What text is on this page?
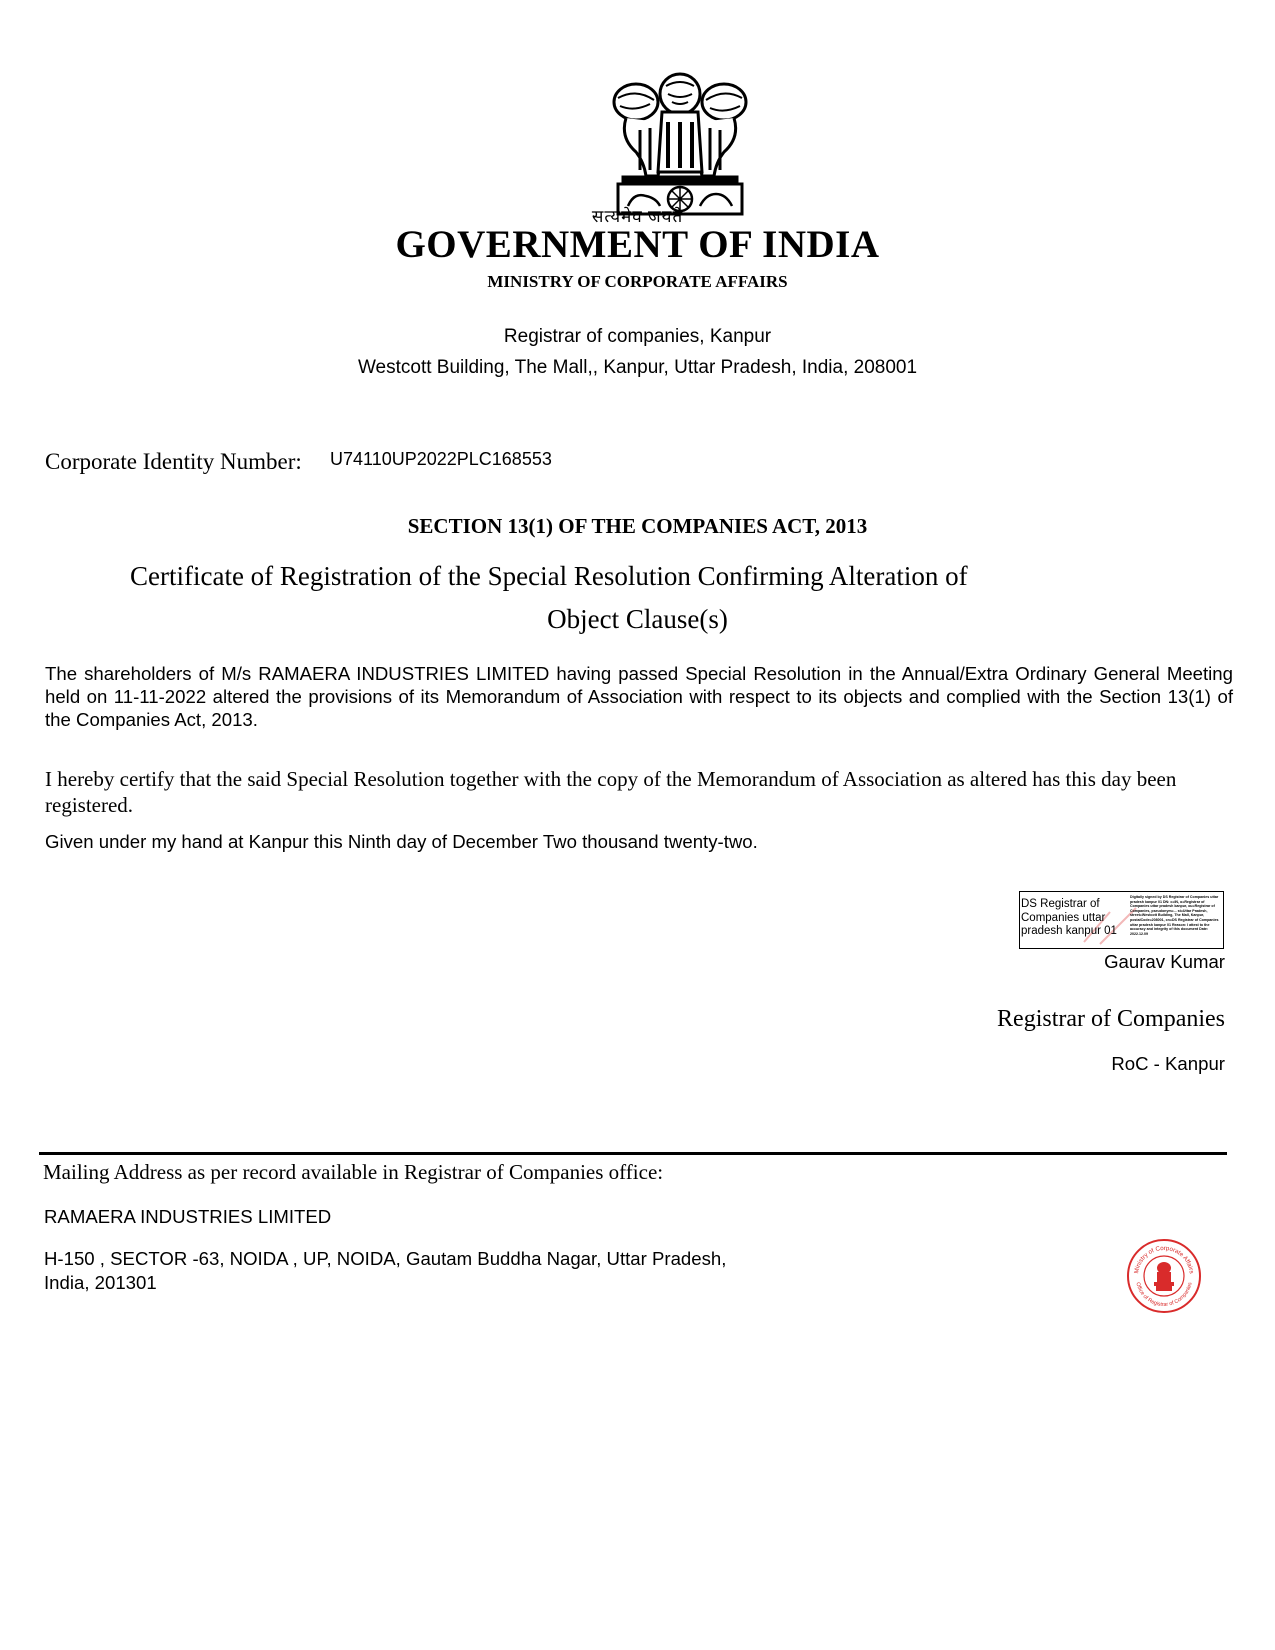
सत्यमेव जयते
GOVERNMENT OF INDIA
MINISTRY OF CORPORATE AFFAIRS
Registrar of companies, Kanpur
Westcott Building, The Mall,, Kanpur, Uttar Pradesh, India, 208001
Corporate Identity Number: U74110UP2022PLC168553
SECTION 13(1) OF THE COMPANIES ACT, 2013
Certificate of Registration of the Special Resolution Confirming Alteration of
Object Clause(s)
The shareholders of M/s RAMAERA INDUSTRIES LIMITED having passed Special Resolution in the Annual/Extra Ordinary General Meeting held on 11-11-2022 altered the provisions of its Memorandum of Association with respect to its objects and complied with the Section 13(1) of the Companies Act, 2013.
I hereby certify that the said Special Resolution together with the copy of the Memorandum of Association as altered has this day been registered.
Given under my hand at Kanpur this Ninth day of December Two thousand twenty-two.
DS Registrar of Companies uttar pradesh kanpur 01
Digitally signed by DS Registrar of Companies uttar pradesh kanpur 01 DN: c=IN, o=Registrar of Companies uttar pradesh kanpur, ou=Registrar of Companies, pseudonym=... st=Uttar Pradesh, street=Westcott Building, The Mall, Kanpur, postalCode=208001, cn=DS Registrar of Companies uttar pradesh kanpur 01 Reason: I attest to the accuracy and integrity of this document Date: 2022.12.09
Gaurav Kumar
Registrar of Companies
RoC - Kanpur
Mailing Address as per record available in Registrar of Companies office:
RAMAERA INDUSTRIES LIMITED
H-150 , SECTOR -63, NOIDA , UP, NOIDA, Gautam Buddha Nagar, Uttar Pradesh, India, 201301
Ministry of Corporate Affairs
Office of Registrar of Companies
